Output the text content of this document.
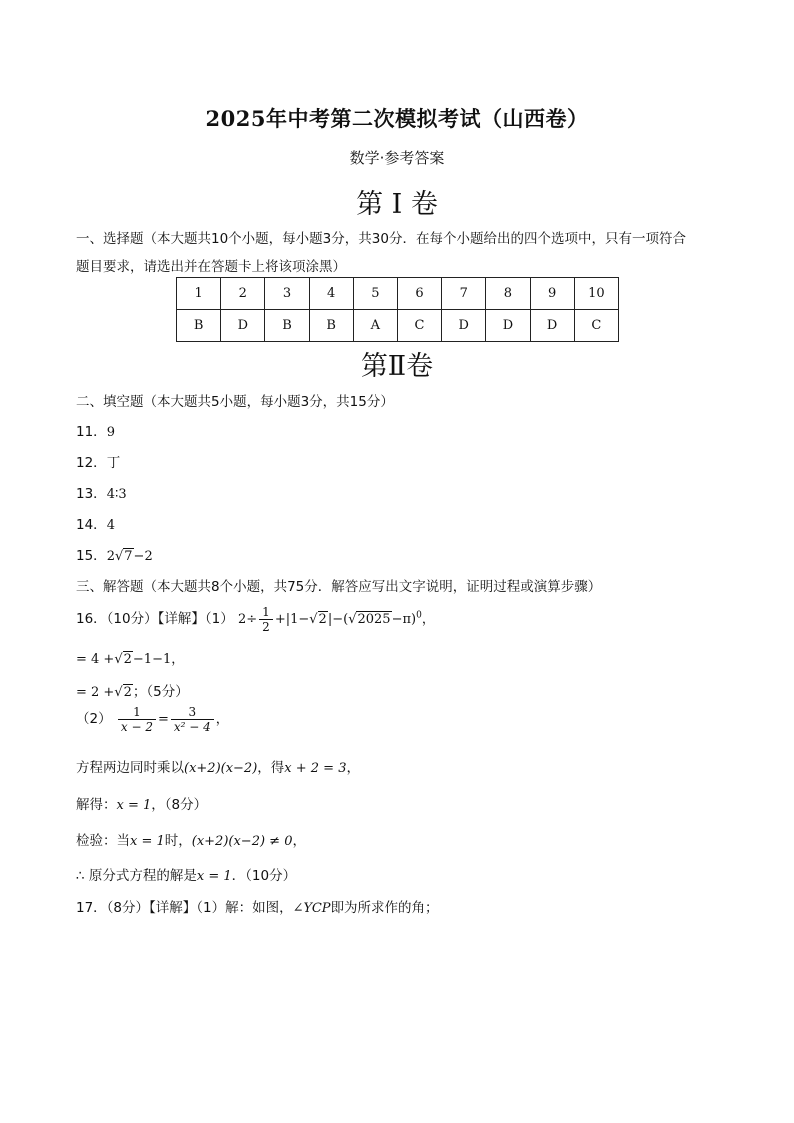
2025年中考第二次模拟考试（山西卷）
数学·参考答案
第 Ⅰ 卷
一、选择题（本大题共10个小题，每小题3分，共30分．在每个小题给出的四个选项中，只有一项符合
题目要求，请选出并在答题卡上将该项涂黑）
1	2	3	4	5	6	7	8	9	10
B	D	B	B	A	C	D	D	D	C
第Ⅱ卷
二、填空题（本大题共5小题，每小题3分，共15分）
11．9
12．丁
13．4∶3
14．4
15．2√7−2
三、解答题（本大题共8个小题，共75分．解答应写出文字说明，证明过程或演算步骤）
16．（10分）【详解】（1） $2\div \frac{1}{2} +|1-√2|-(√2025-\pi)^0$，
= 4 +√2−1−1，
= 2 +√2；（5分）
$(2) \frac{1}{x - 2} = \frac{3}{\text{x² − 4}}$ ，
方程两边同时乘以(x+2)(x−2)，得x + 2 = 3，
解得：x = 1，（8分）
检验：当x = 1时，(x+2)(x−2) ≠ 0，
∴ 原分式方程的解是x = 1．（10分）
17．（8分）【详解】（1）解：如图，∠YCP即为所求作的角；
